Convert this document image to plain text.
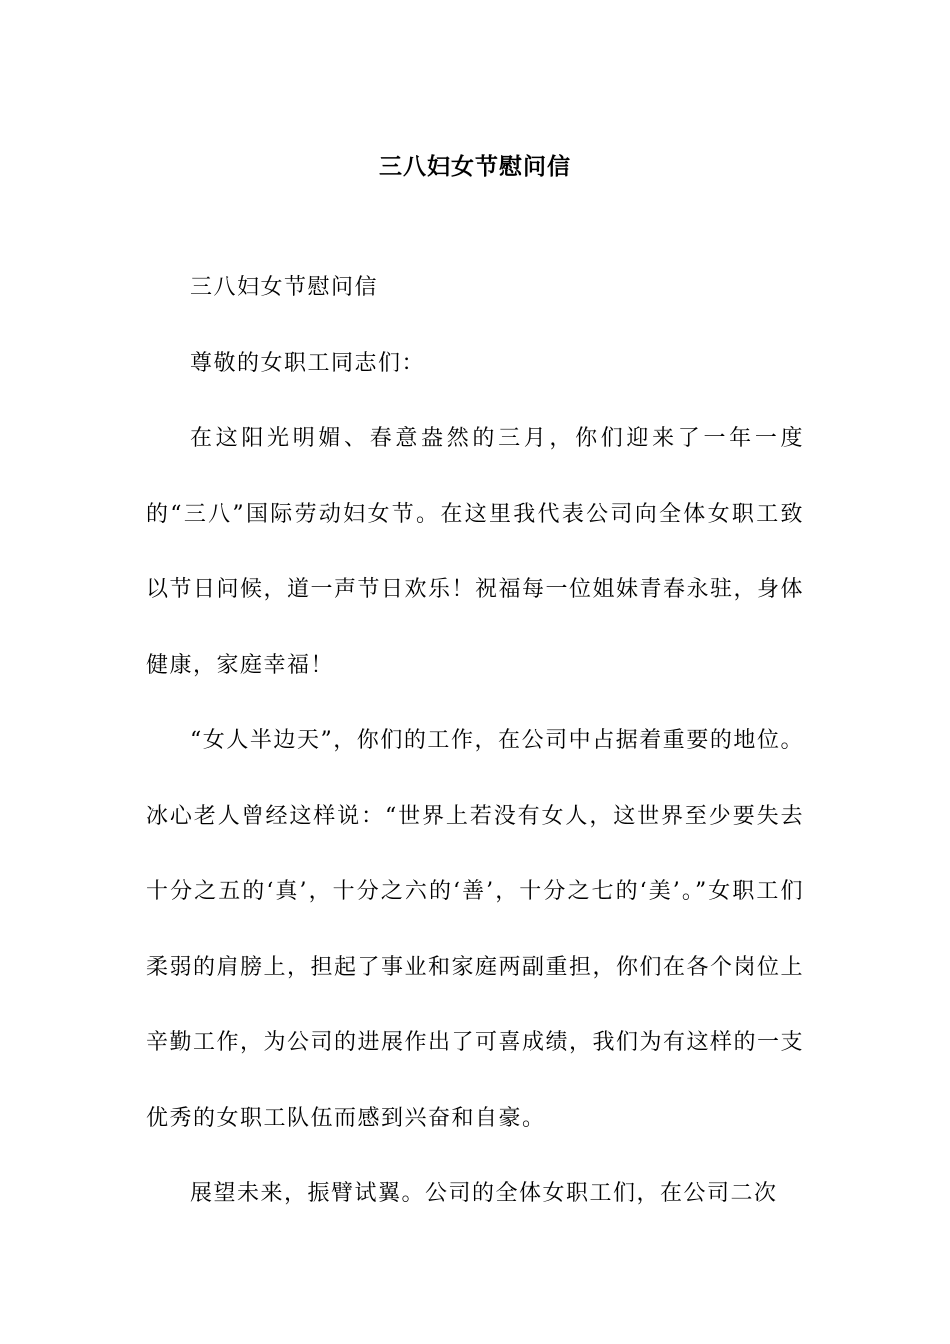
三八妇女节慰问信

三八妇女节慰问信

尊敬的女职工同志们：

在这阳光明媚、春意盎然的三月，你们迎来了一年一度的“三八”国际劳动妇女节。在这里我代表公司向全体女职工致以节日问候，道一声节日欢乐！祝福每一位姐妹青春永驻，身体健康，家庭幸福！

“女人半边天”，你们的工作，在公司中占据着重要的地位。冰心老人曾经这样说：“世界上若没有女人，这世界至少要失去十分之五的‘真’，十分之六的‘善’，十分之七的‘美’。”女职工们柔弱的肩膀上，担起了事业和家庭两副重担，你们在各个岗位上辛勤工作，为公司的进展作出了可喜成绩，我们为有这样的一支优秀的女职工队伍而感到兴奋和自豪。

展望未来，振臂试翼。公司的全体女职工们，在公司二次
